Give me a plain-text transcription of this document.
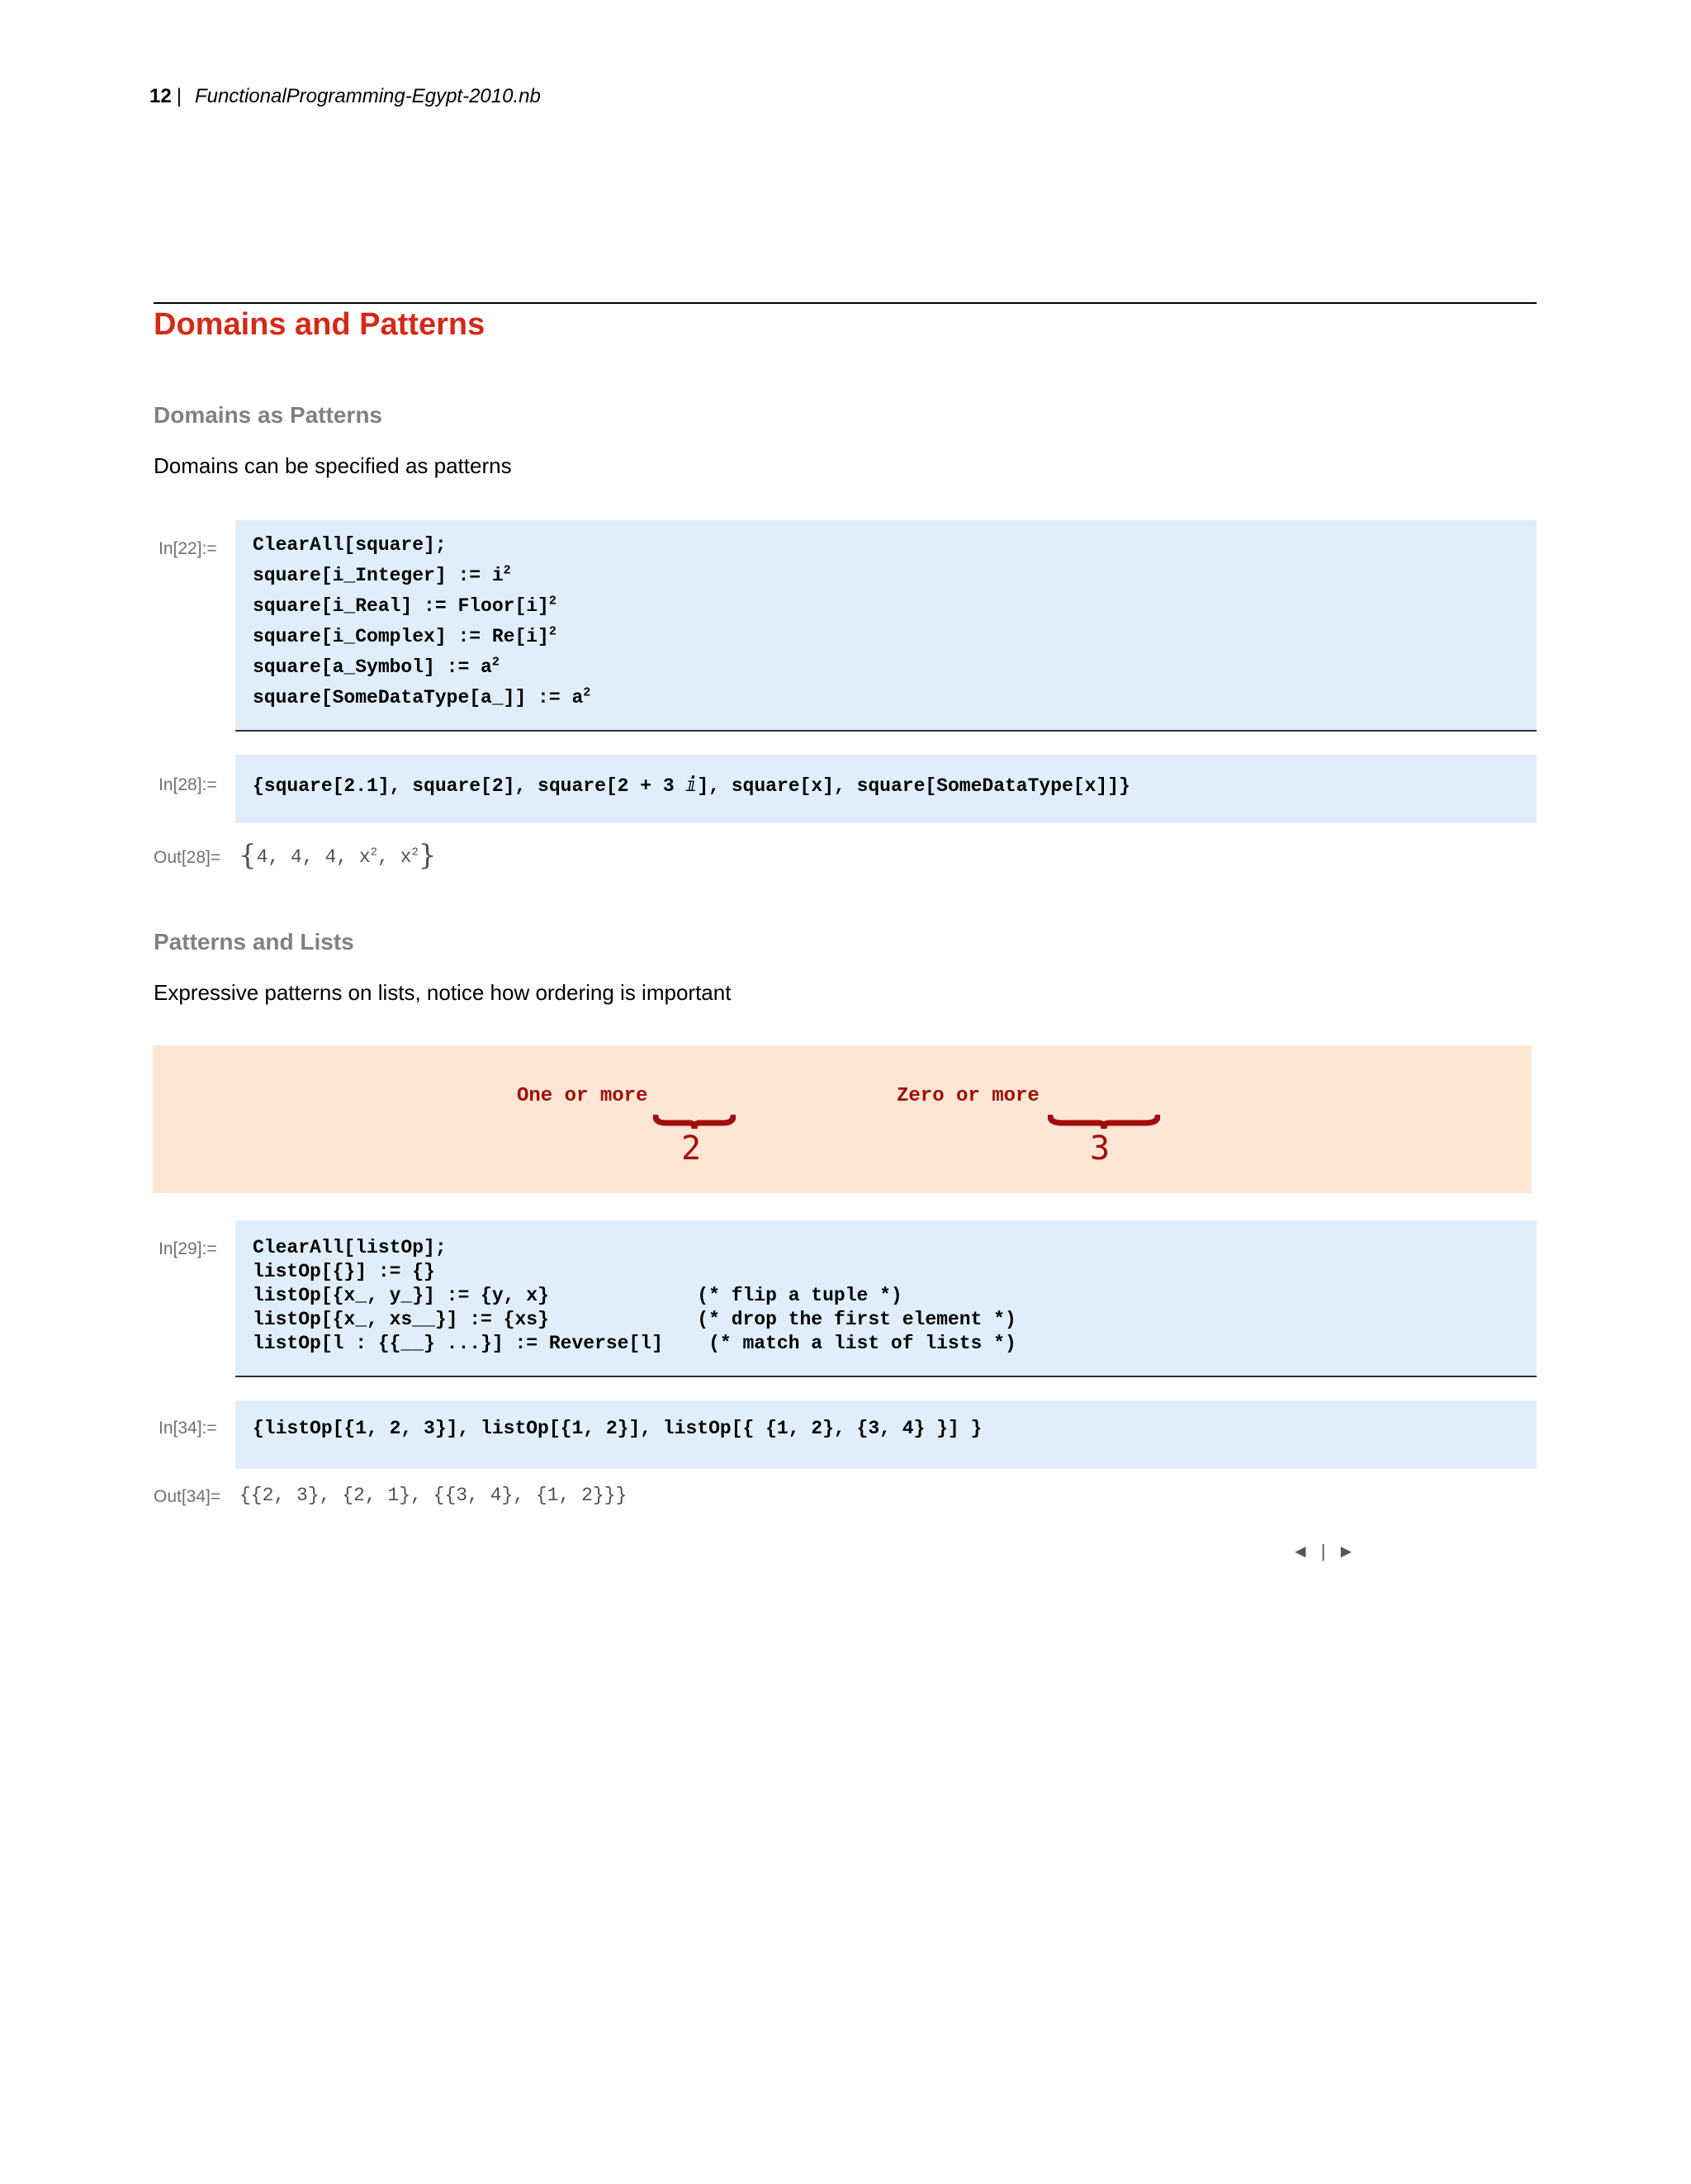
12 | FunctionalProgramming-Egypt-2010.nb
Domains and Patterns
Domains as Patterns
Domains can be specified as patterns
In[22]:= ClearAll[square];
square[i_Integer] := $i^2$
square[i_Real] := $Floor[i]^2$
square[i_Complex] := $Re[i]^2$
square[a_Symbol] := $a^2$
square[SomeDataType[a_]] := $a^2$
In[28]:= {square[2.1], square[2], square[2 + 3 ⅈ], square[x], square[SomeDataType[x]]}
Out[28]= {4, 4, 4, $x^2$, $x^2$}
Patterns and Lists
Expressive patterns on lists, notice how ordering is important
One or more
2
Zero or more
3
In[29]:= ClearAll[listOp];
listOp[{}] := {}
listOp[{x_, y_}] := {y, x}             (* flip a tuple *)
listOp[{x_, xs__}] := {xs}             (* drop the first element *)
listOp[l : {{__} ...}] := Reverse[l]    (* match a list of lists *)
In[34]:= {listOp[{1, 2, 3}], listOp[{1, 2}], listOp[{ {1, 2}, {3, 4} }] }
Out[34]= {{2, 3}, {2, 1}, {{3, 4}, {1, 2}}}
◄ | ►
